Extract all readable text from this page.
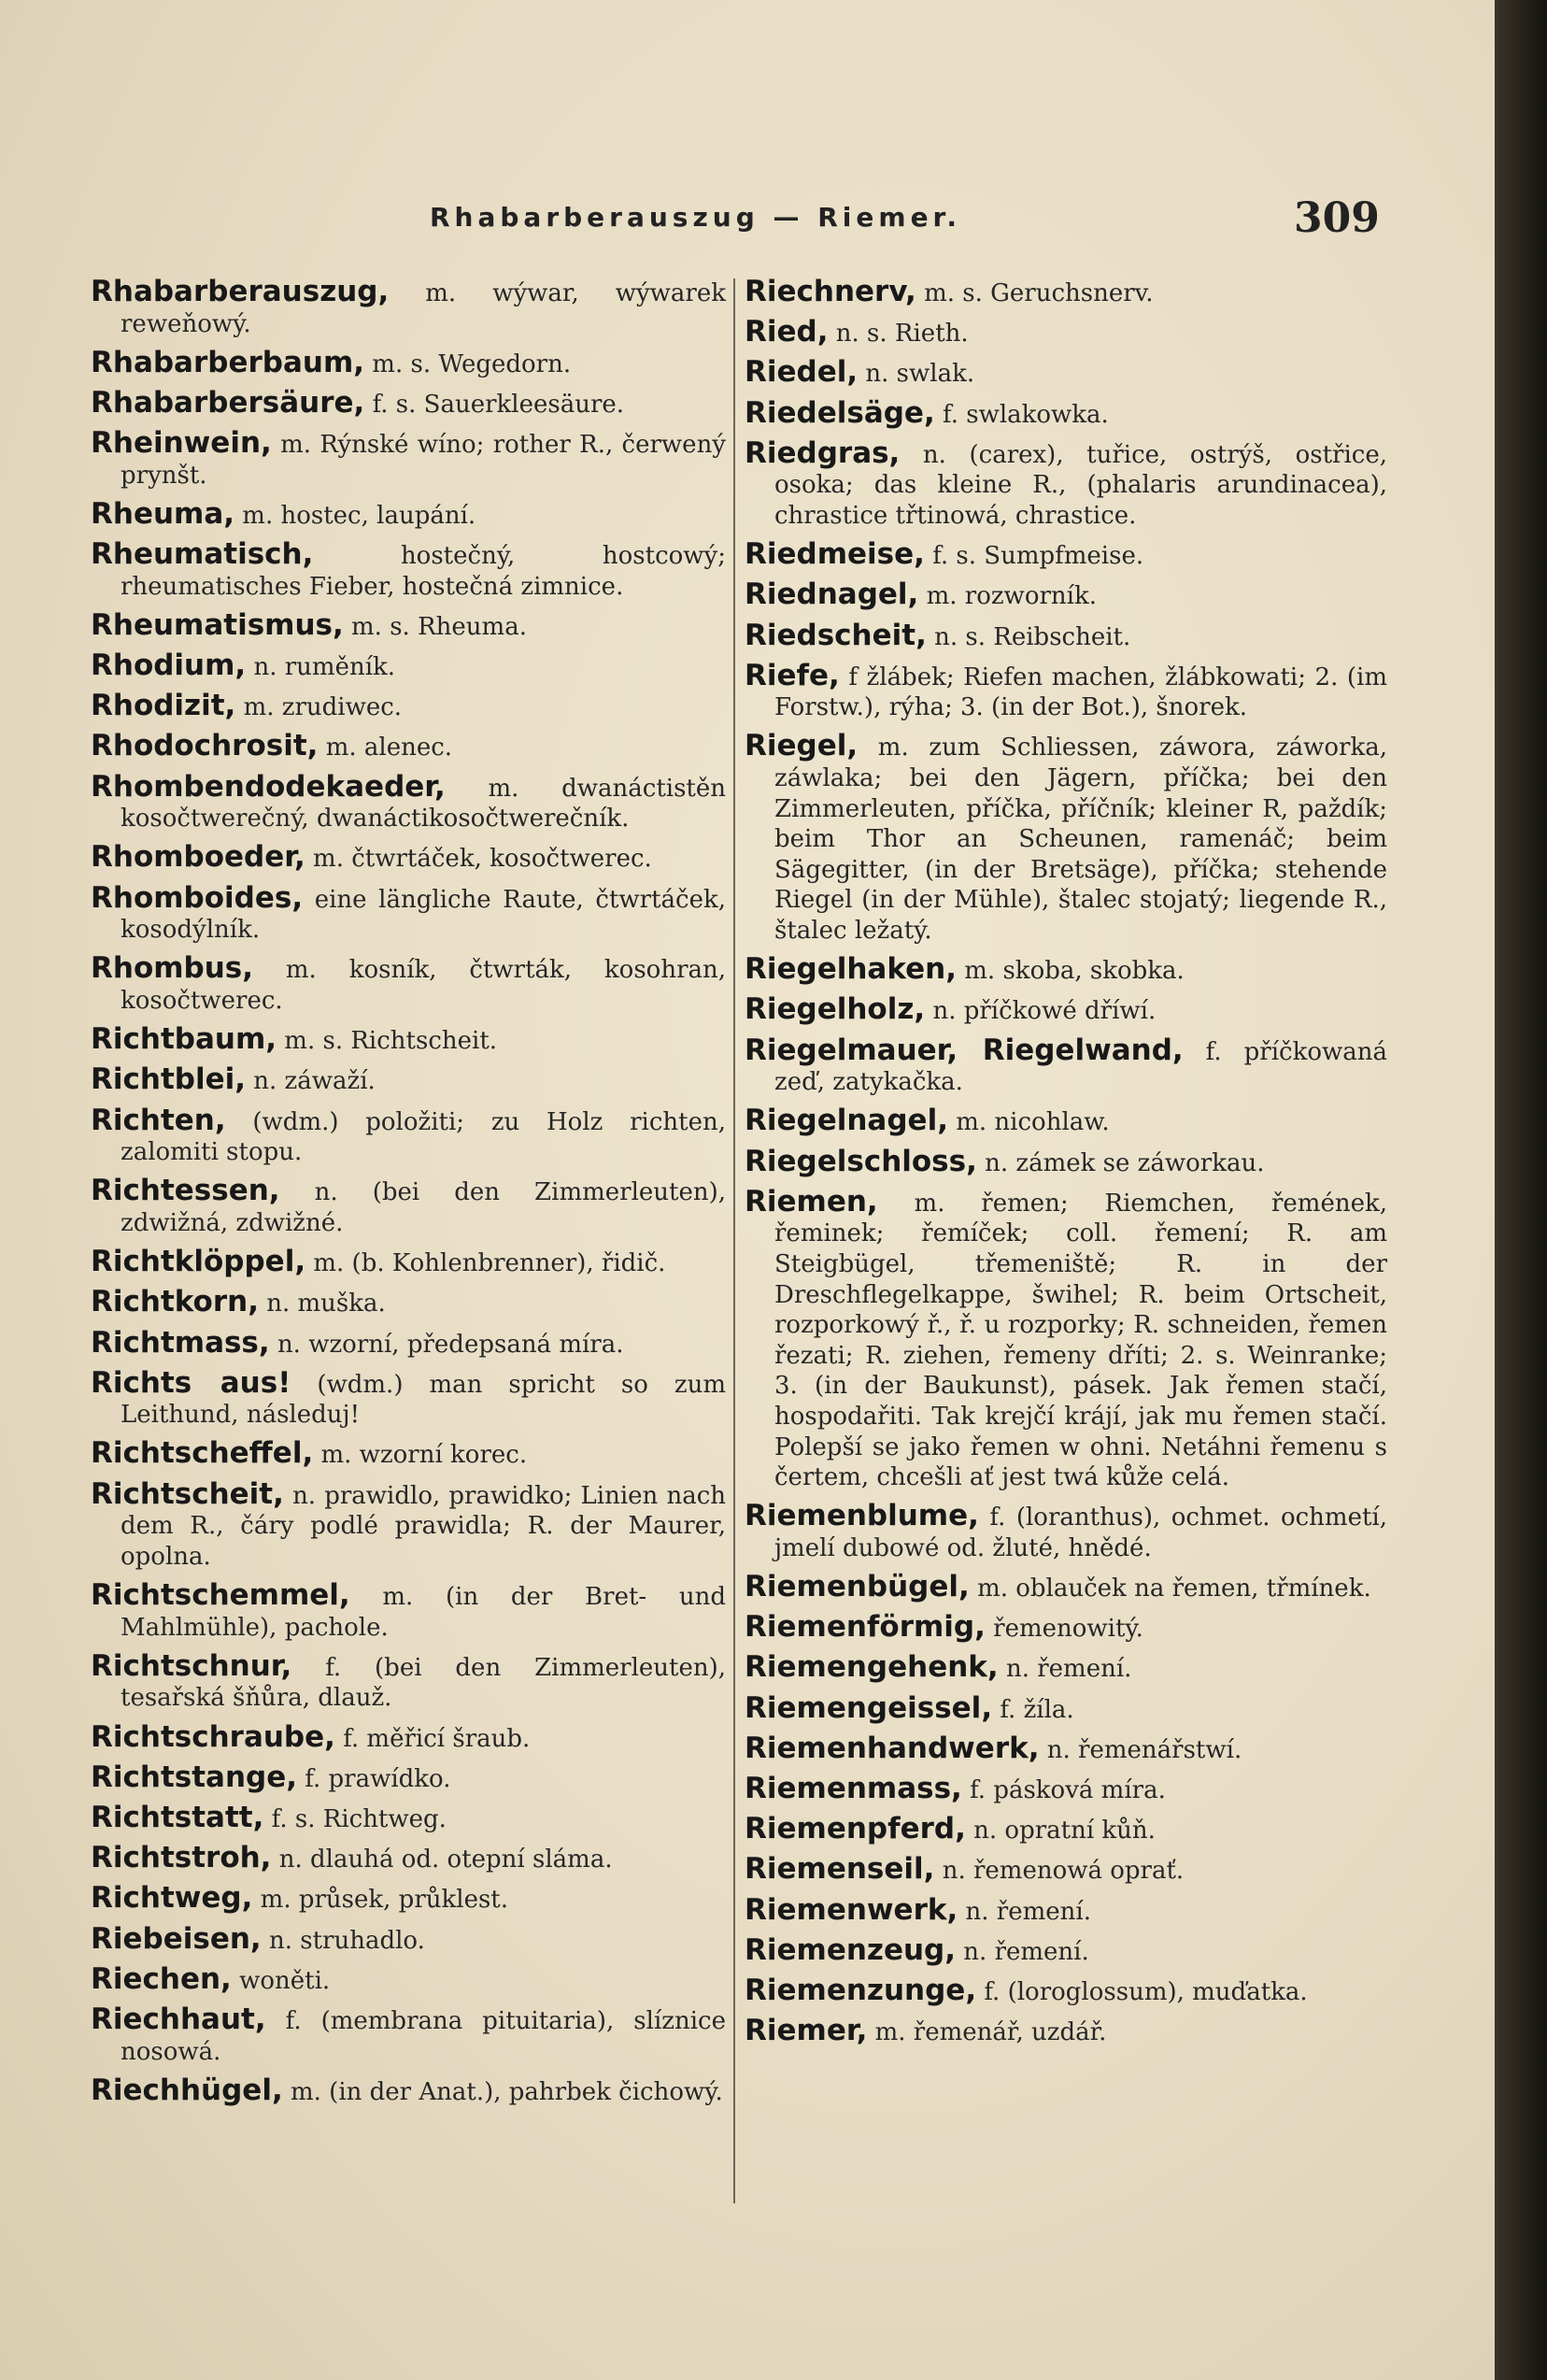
Rhabarberauszug — Riemer.	309
Rhabarberauszug, m. wýwar, wýwarek reweňowý.
Rhabarberbaum, m. s. Wegedorn.
Rhabarbersäure, f. s. Sauerkleesäure.
Rheinwein, m. Rýnské wíno; rother R., čerwený prynšt.
Rheuma, m. hostec, laupání.
Rheumatisch,	hostečný, hostcowý; rheumatisches Fieber, hostečná zimnice.
Rheumatismus, m. s. Rheuma.
Rhodium, n. ruměník.
Rhodizit, m. zrudiwec.
Rhodochrosit, m. alenec.
Rhombendodekaeder, m. dwanáctistěn kosočtwerečný, dwanáctikosočtwerečník.
Rhomboeder, m. čtwrtáček, kosočtwerec.
Rhomboides, eine längliche Raute, čtwrtáček, kosodýlník.
Rhombus, m. kosník, čtwrták, kosohran, kosočtwerec.
Richtbaum, m. s. Richtscheit.
Richtblei, n. záwaží.
Richten, (wdm.) položiti; zu Holz richten, zalomiti stopu.
Richtessen, n. (bei den Zimmerleuten), zdwižná, zdwižné.
Richtklöppel, m. (b. Kohlenbrenner), řidič.
Richtkorn, n. muška.
Richtmass, n. wzorní, předepsaná míra.
Richts aus! (wdm.) man spricht so zum Leithund, následuj!
Richtscheffel, m. wzorní korec.
Richtscheit, n. prawidlo, prawidko; Linien nach dem R., čáry podlé prawidla; R. der Maurer, opolna.
Richtschemmel, m. (in der Bret- und Mahlmühle), pachole.
Richtschnur, f. (bei den Zimmerleuten), tesařská šňůra, dlauž.
Richtschraube, f. měřicí šraub.
Richtstange, f. prawídko.
Richtstatt, f. s. Richtweg.
Richtstroh, n. dlauhá od. otepní sláma.
Richtweg, m. průsek, průklest.
Riebeisen, n. struhadlo.
Riechen, woněti.
Riechhaut, f. (membrana pituitaria), slíznice nosowá.
Riechhügel, m. (in der Anat.), pahrbek čichowý.
Riechnerv, m. s. Geruchsnerv.
Ried, n. s. Rieth.
Riedel, n. swlak.
Riedelsäge, f. swlakowka.
Riedgras, n. (carex), tuřice, ostrýš, ostřice, osoka; das kleine R., (phalaris arundinacea), chrastice třtinowá, chrastice.
Riedmeise, f. s. Sumpfmeise.
Riednagel, m. rozworník.
Riedscheit, n. s. Reibscheit.
Riefe, f žlábek; Riefen machen, žlábkowati; 2. (im Forstw.), rýha; 3. (in der Bot.), šnorek.
Riegel, m. zum Schliessen, záwora, záworka, záwlaka; bei den Jägern, příčka; bei den Zimmerleuten, příčka, příčník; kleiner R, paždík; beim Thor an Scheunen, ramenáč; beim Sägegitter, (in der Bretsäge), příčka; stehende Riegel (in der Mühle), štalec stojatý; liegende R., štalec ležatý.
Riegelhaken, m. skoba, skobka.
Riegelholz, n. příčkowé dříwí.
Riegelmauer, Riegelwand, f. příčkowaná zeď, zatykačka.
Riegelnagel, m. nicohlaw.
Riegelschloss, n. zámek se záworkau.
Riemen, m. řemen; Riemchen, řemének, řeminek; řemíček; coll. řemení; R. am Steigbügel, třemeniště; R. in der Dreschflegelkappe, šwihel; R. beim Ortscheit, rozporkowý ř., ř. u rozporky; R. schneiden, řemen řezati; R. ziehen, řemeny dříti; 2. s. Weinranke; 3. (in der Baukunst), pásek. Jak řemen stačí, hospodařiti. Tak krejčí krájí, jak mu řemen stačí. Polepší se jako řemen w ohni. Netáhni řemenu s čertem, chcešli ať jest twá kůže celá.
Riemenblume, f. (loranthus), ochmet. ochmetí, jmelí dubowé od. žluté, hnědé.
Riemenbügel, m. oblauček na řemen, třmínek.
Riemenförmig, řemenowitý.
Riemengehenk, n. řemení.
Riemengeissel, f. žíla.
Riemenhandwerk, n. řemenářstwí.
Riemenmass, f. pásková míra.
Riemenpferd, n. opratní kůň.
Riemenseil, n. řemenowá oprať.
Riemenwerk, n. řemení.
Riemenzeug, n. řemení.
Riemenzunge, f. (loroglossum), muďatka.
Riemer, m. řemenář, uzdář.
